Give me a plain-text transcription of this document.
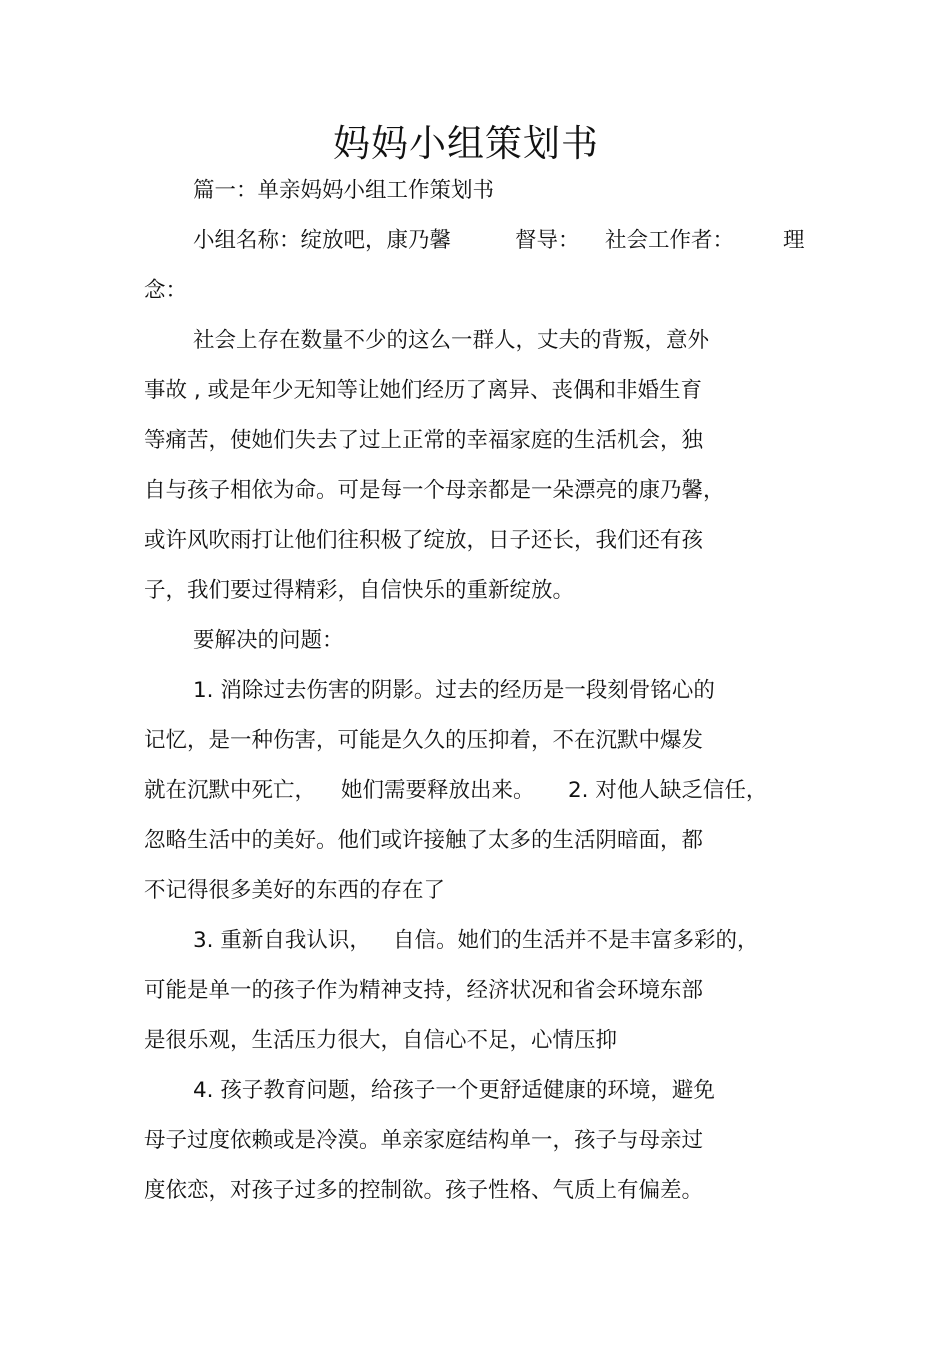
妈妈小组策划书
篇一：单亲妈妈小组工作策划书
小组名称：绽放吧，康乃馨	督导： 社会工作者： 理
念：
社会上存在数量不少的这么一群人，丈夫的背叛，意外
事故 , 或是年少无知等让她们经历了离异、丧偶和非婚生育
等痛苦，使她们失去了过上正常的幸福家庭的生活机会，独
自与孩子相依为命。可是每一个母亲都是一朵漂亮的康乃馨，
或许风吹雨打让他们往积极了绽放，日子还长，我们还有孩
子，我们要过得精彩，自信快乐的重新绽放。
要解决的问题：
1. 消除过去伤害的阴影。过去的经历是一段刻骨铭心的
记忆，是一种伤害，可能是久久的压抑着，不在沉默中爆发
就在沉默中死亡， 她们需要释放出来。 2. 对他人缺乏信任，
忽略生活中的美好。他们或许接触了太多的生活阴暗面，都
不记得很多美好的东西的存在了
3. 重新自我认识， 自信。她们的生活并不是丰富多彩的，
可能是单一的孩子作为精神支持，经济状况和省会环境东部
是很乐观，生活压力很大，自信心不足，心情压抑
4. 孩子教育问题，给孩子一个更舒适健康的环境，避免
母子过度依赖或是冷漠。单亲家庭结构单一，孩子与母亲过
度依恋，对孩子过多的控制欲。孩子性格、气质上有偏差。
